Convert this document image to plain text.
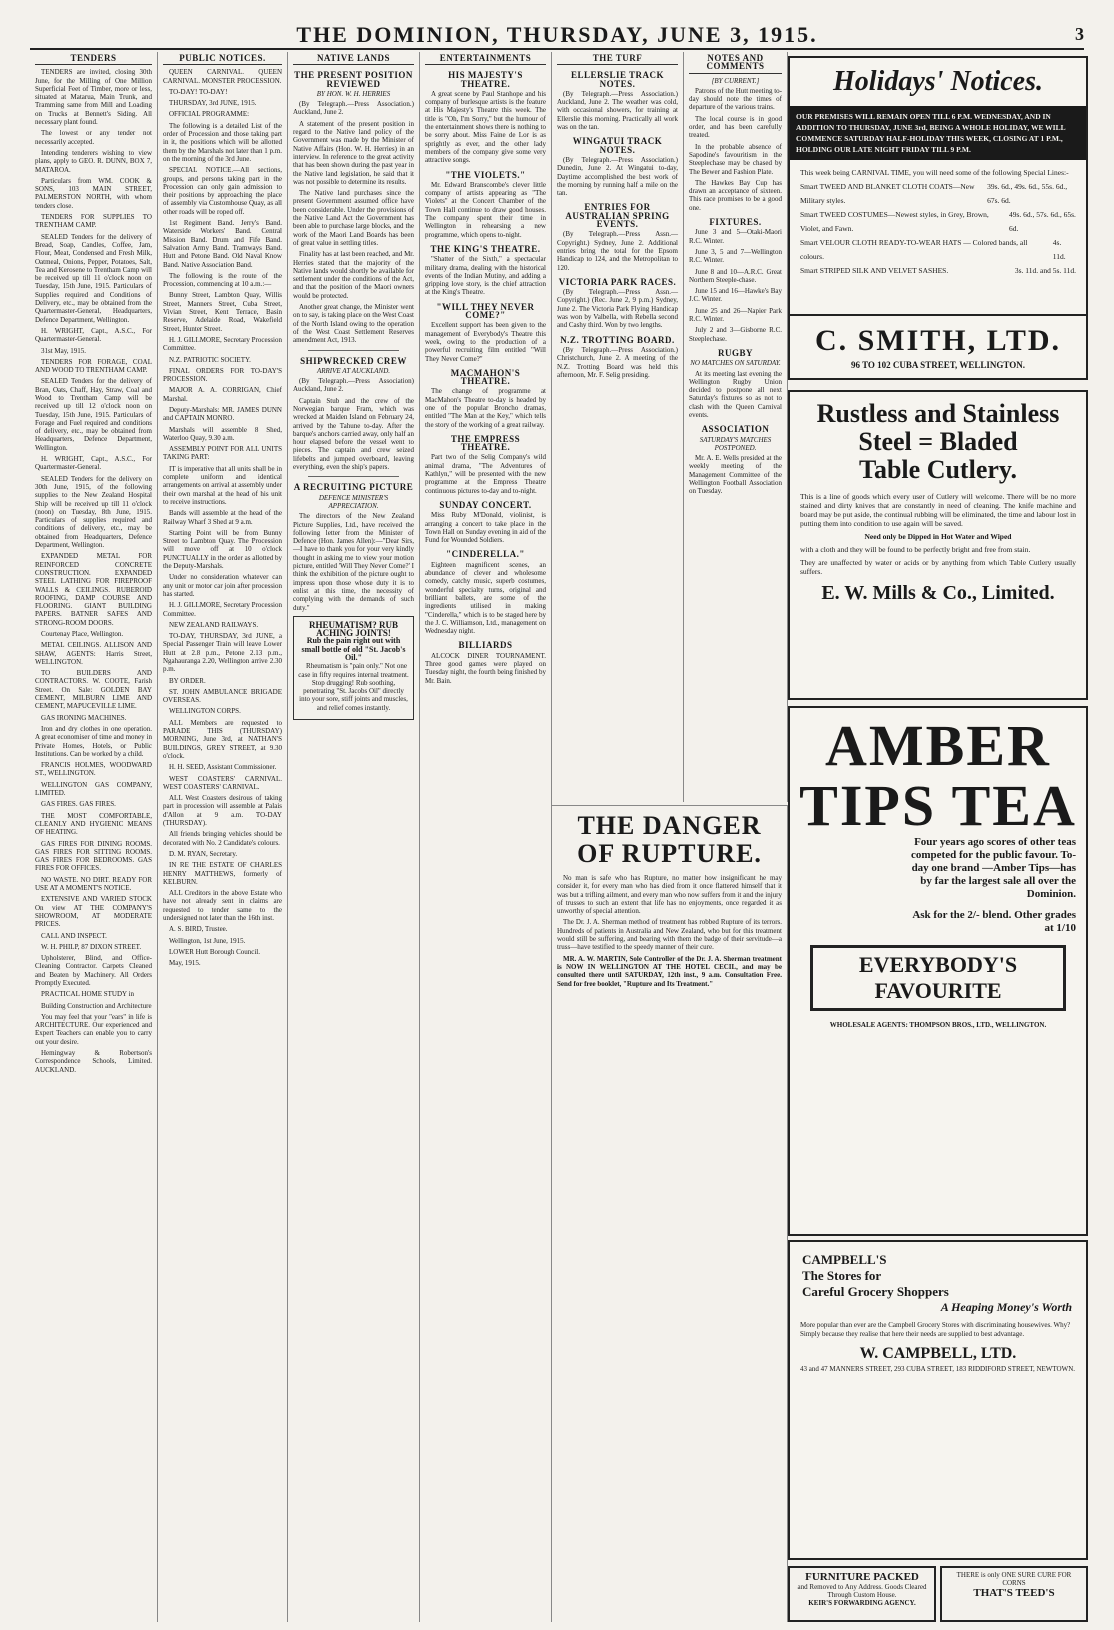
THE DOMINION, THURSDAY, JUNE 3, 1915.	3
TENDERS

TENDERS are invited, closing 30th June, for the Milling of One Million Superficial Feet of Timber, more or less, situated at Matarua, Main Trunk, and Tramming same from Mill and Loading on Trucks at Bennett's Siding. All necessary plant found.

The lowest or any tender not necessarily accepted.

Intending tenderers wishing to view plans, apply to GEO. R. DUNN, BOX 7, MATAROA.

Particulars from WM. COOK & SONS, 103 MAIN STREET, PALMERSTON NORTH, with whom tenders close.

TENDERS FOR SUPPLIES TO TRENTHAM CAMP.

SEALED Tenders for the delivery of Bread, Soap, Candles, Coffee, Jam, Flour, Meat, Condensed and Fresh Milk, Oatmeal, Onions, Pepper, Potatoes, Salt, Tea and Kerosene to Trentham Camp will be received up till 11 o'clock noon on Tuesday, 15th June, 1915. Particulars of Supplies required and Conditions of Delivery, etc., may be obtained from the Quartermaster-General, Headquarters, Defence Department, Wellington.

H. WRIGHT, Capt., A.S.C., For Quartermaster-General.

31st May, 1915.

TENDERS FOR FORAGE, COAL AND WOOD TO TRENTHAM CAMP.

SEALED Tenders for the delivery of Bran, Oats, Chaff, Hay, Straw, Coal and Wood to Trentham Camp will be received up till 12 o'clock noon on Tuesday, 15th June, 1915. Particulars of Forage and Fuel required and conditions of delivery, etc., may be obtained from Headquarters, Defence Department, Wellington.

H. WRIGHT, Capt., A.S.C., For Quartermaster-General.

SEALED Tenders for the delivery on 30th June, 1915, of the following supplies to the New Zealand Hospital Ship will be received up till 11 o'clock (noon) on Tuesday, 8th June, 1915. Particulars of supplies required and conditions of delivery, etc., may be obtained from Headquarters, Defence Department, Wellington.

EXPANDED METAL FOR REINFORCED CONCRETE CONSTRUCTION. EXPANDED STEEL LATHING FOR FIREPROOF WALLS & CEILINGS. RUBEROID ROOFING, DAMP COURSE AND FLOORING. GIANT BUILDING PAPERS. BATNER SAFES AND STRONG-ROOM DOORS.

Courtenay Place, Wellington.

METAL CEILINGS. ALLISON AND SHAW, AGENTS: Harris Street, WELLINGTON.

TO BUILDERS AND CONTRACTORS. W. COOTE, Farish Street. On Sale: GOLDEN BAY CEMENT, MILBURN LIME AND CEMENT, MAPUCEVILLE LIME.

GAS IRONING MACHINES.

Iron and dry clothes in one operation. A great economiser of time and money in Private Homes, Hotels, or Public Institutions. Can be worked by a child.

FRANCIS HOLMES, WOODWARD ST., WELLINGTON.

WELLINGTON GAS COMPANY, LIMITED.

GAS FIRES. GAS FIRES.

THE MOST COMFORTABLE, CLEANLY AND HYGIENIC MEANS OF HEATING.

GAS FIRES FOR DINING ROOMS. GAS FIRES FOR SITTING ROOMS. GAS FIRES FOR BEDROOMS. GAS FIRES FOR OFFICES.

NO WASTE. NO DIRT. READY FOR USE AT A MOMENT'S NOTICE.

EXTENSIVE AND VARIED STOCK On view AT THE COMPANY'S SHOWROOM, AT MODERATE PRICES.

CALL AND INSPECT.

W. H. PHILP, 87 DIXON STREET.

Upholsterer, Blind, and Office-Cleaning Contractor. Carpets Cleaned and Beaten by Machinery. All Orders Promptly Executed.

PRACTICAL HOME STUDY in

Building Construction and Architecture

You may feel that your "ears" in life is ARCHITECTURE. Our experienced and Expert Teachers can enable you to carry out your desire.

Hemingway & Robertson's Correspondence Schools, Limited. AUCKLAND.

PUBLIC NOTICES.

QUEEN CARNIVAL. QUEEN CARNIVAL. MONSTER PROCESSION.

TO-DAY! TO-DAY!

THURSDAY, 3rd JUNE, 1915.

OFFICIAL PROGRAMME:

The following is a detailed List of the order of Procession and those taking part in it, the positions which will be allotted them by the Marshals not later than 1 p.m. on the morning of the 3rd June.

SPECIAL NOTICE.—All sections, groups, and persons taking part in the Procession can only gain admission to their positions by approaching the place of assembly via Customhouse Quay, as all other roads will be roped off.

1st Regiment Band. Jerry's Band. Waterside Workers' Band. Central Mission Band. Drum and Fife Band. Salvation Army Band. Tramways Band. Hutt and Petone Band. Old Naval Know Band. Native Association Band.

The following is the route of the Procession, commencing at 10 a.m.:—

Bunny Street, Lambton Quay, Willis Street, Manners Street, Cuba Street, Vivian Street, Kent Terrace, Basin Reserve, Adelaide Road, Wakefield Street, Hunter Street.

H. J. GILLMORE, Secretary Procession Committee.

N.Z. PATRIOTIC SOCIETY.

FINAL ORDERS FOR TO-DAY'S PROCESSION.

MAJOR A. A. CORRIGAN, Chief Marshal.

Deputy-Marshals: MR. JAMES DUNN and CAPTAIN MONRO.

Marshals will assemble 8 Shed, Waterloo Quay, 9.30 a.m.

ASSEMBLY POINT FOR ALL UNITS TAKING PART:

IT is imperative that all units shall be in complete uniform and identical arrangements on arrival at assembly under their own marshal at the head of his unit to receive instructions.

Bands will assemble at the head of the Railway Wharf 3 Shed at 9 a.m.

Starting Point will be from Bunny Street to Lambton Quay. The Procession will move off at 10 o'clock PUNCTUALLY in the order as allotted by the Deputy-Marshals.

Under no consideration whatever can any unit or motor car join after procession has started.

H. J. GILLMORE, Secretary Procession Committee.

NEW ZEALAND RAILWAYS.

TO-DAY, THURSDAY, 3rd JUNE, a Special Passenger Train will leave Lower Hutt at 2.8 p.m., Petone 2.13 p.m., Ngahauranga 2.20, Wellington arrive 2.30 p.m.

BY ORDER.

ST. JOHN AMBULANCE BRIGADE OVERSEAS.

WELLINGTON CORPS.

ALL Members are requested to PARADE THIS (THURSDAY) MORNING, June 3rd, at NATHAN'S BUILDINGS, GREY STREET, at 9.30 o'clock.

H. H. SEED, Assistant Commissioner.

WEST COASTERS' CARNIVAL. WEST COASTERS' CARNIVAL.

ALL West Coasters desirous of taking part in procession will assemble at Palais d'Allon at 9 a.m. TO-DAY (THURSDAY).

All friends bringing vehicles should be decorated with No. 2 Candidate's colours.

D. M. RYAN, Secretary.

IN RE THE ESTATE OF CHARLES HENRY MATTHEWS, formerly of KELBURN.

ALL Creditors in the above Estate who have not already sent in claims are requested to tender same to the undersigned not later than the 16th inst.

A. S. BIRD, Trustee.

Wellington, 1st June, 1915.

LOWER Hutt Borough Council.

May, 1915.

NATIVE LANDS
THE PRESENT POSITION REVIEWED
BY HON. W. H. HERRIES

(By Telegraph.—Press Association.) Auckland, June 2.

A statement of the present position in regard to the Native land policy of the Government was made by the Minister of Native Affairs (Hon. W. H. Herries) in an interview. In reference to the great activity that has been shown during the past year in the Native land legislation, he said that it was not possible to determine its results.

The Native land purchases since the present Government assumed office have been considerable. Under the provisions of the Native Land Act the Government has been able to purchase large blocks, and the work of the Maori Land Boards has been of great value in settling titles.

Finality has at last been reached, and Mr. Herries stated that the majority of the Native lands would shortly be available for settlement under the conditions of the Act, and that the position of the Maori owners would be protected.

Another great change, the Minister went on to say, is taking place on the West Coast of the North Island owing to the operation of the West Coast Settlement Reserves amendment Act, 1913.

SHIPWRECKED CREW
ARRIVE AT AUCKLAND.

(By Telegraph.—Press Association) Auckland, June 2.

Captain Stub and the crew of the Norwegian barque Fram, which was wrecked at Maiden Island on February 24, arrived by the Tahune to-day. After the barque's anchors carried away, only half an hour elapsed before the vessel went to pieces. The captain and crew seized lifebelts and jumped overboard, leaving everything, even the ship's papers.

A RECRUITING PICTURE
DEFENCE MINISTER'S APPRECIATION.

The directors of the New Zealand Picture Supplies, Ltd., have received the following letter from the Minister of Defence (Hon. James Allen):—"Dear Sirs,—I have to thank you for your very kindly thought in asking me to view your motion picture, entitled 'Will They Never Come?' I think the exhibition of the picture ought to impress upon those whose duty it is to enlist at this time, the necessity of complying with the demands of such duty."

RHEUMATISM? RUB ACHING JOINTS!
Rub the pain right out with small bottle of old "St. Jacob's Oil."

Rheumatism is "pain only." Not one case in fifty requires internal treatment. Stop drugging! Rub soothing, penetrating "St. Jacobs Oil" directly into your sore, stiff joints and muscles, and relief comes instantly.

ENTERTAINMENTS
HIS MAJESTY'S THEATRE.

A great scene by Paul Stanhope and his company of burlesque artists is the feature at His Majesty's Theatre this week. The title is "Oh, I'm Sorry," but the humour of the entertainment shows there is nothing to be sorry about. Miss Faine de Lor is as sprightly as ever, and the other lady members of the company give some very attractive songs.

"THE VIOLETS."

Mr. Edward Branscombe's clever little company of artists appearing as "The Violets" at the Concert Chamber of the Town Hall continue to draw good houses. The company spent their time in Wellington in rehearsing a new programme, which opens to-night.

THE KING'S THEATRE.

"Shatter of the Sixth," a spectacular military drama, dealing with the historical events of the Indian Mutiny, and adding a gripping love story, is the chief attraction at the King's Theatre.

"WILL THEY NEVER COME?"

Excellent support has been given to the management of Everybody's Theatre this week, owing to the production of a powerful recruiting film entitled "Will They Never Come?"

MACMAHON'S THEATRE.

The change of programme at MacMahon's Theatre to-day is headed by one of the popular Broncho dramas, entitled "The Man at the Key," which tells the story of the working of a great railway.

THE EMPRESS THEATRE.

Part two of the Selig Company's wild animal drama, "The Adventures of Kathlyn," will be presented with the new programme at the Empress Theatre continuous pictures to-day and to-night.

SUNDAY CONCERT.

Miss Ruby M'Donald, violinist, is arranging a concert to take place in the Town Hall on Sunday evening in aid of the Fund for Wounded Soldiers.

"CINDERELLA."

Eighteen magnificent scenes, an abundance of clever and wholesome comedy, catchy music, superb costumes, wonderful specialty turns, original and brilliant ballets, are some of the ingredients utilised in making "Cinderella," which is to be staged here by the J. C. Williamson, Ltd., management on Wednesday night.

BILLIARDS

ALCOCK DINER TOURNAMENT. Three good games were played on Tuesday night, the fourth being finished by Mr. Bain.

THE TURF
ELLERSLIE TRACK NOTES.

(By Telegraph.—Press Association.) Auckland, June 2. The weather was cold, with occasional showers, for training at Ellerslie this morning. Practically all work was on the tan.

WINGATUI TRACK NOTES.

(By Telegraph.—Press Association.) Dunedin, June 2. At Wingatui to-day, Daytime accomplished the best work of the morning by running half a mile on the tan.

ENTRIES FOR AUSTRALIAN SPRING EVENTS.

(By Telegraph.—Press Assn.—Copyright.) Sydney, June 2. Additional entries bring the total for the Epsom Handicap to 124, and the Metropolitan to 120.

VICTORIA PARK RACES.

(By Telegraph.—Press Assn.—Copyright.) (Rec. June 2, 9 p.m.) Sydney, June 2. The Victoria Park Flying Handicap was won by Valbella, with Rebella second and Cashy third. Won by two lengths.

N.Z. TROTTING BOARD.

(By Telegraph.—Press Association.) Christchurch, June 2. A meeting of the N.Z. Trotting Board was held this afternoon, Mr. F. Selig presiding.

NOTES AND COMMENTS
[BY CURRENT.]

Patrons of the Hutt meeting to-day should note the times of departure of the various trains.

The local course is in good order, and has been carefully treated.

In the probable absence of Sapodine's favouritism in the Steeplechase may be chased by The Bewer and Fashion Plate.

The Hawkes Bay Cup has drawn an acceptance of sixteen. This race promises to be a good one.

FIXTURES.

June 3 and 5—Otaki-Maori R.C. Winter.

June 3, 5 and 7—Wellington R.C. Winter.

June 8 and 10—A.R.C. Great Northern Steeple-chase.

June 15 and 16—Hawke's Bay J.C. Winter.

June 25 and 26—Napier Park R.C. Winter.

July 2 and 3—Gisborne R.C. Steeplechase.

RUGBY
NO MATCHES ON SATURDAY.

At its meeting last evening the Wellington Rugby Union decided to postpone all next Saturday's fixtures so as not to clash with the Queen Carnival events.

ASSOCIATION
SATURDAY'S MATCHES POSTPONED.

Mr. A. E. Wells presided at the weekly meeting of the Management Committee of the Wellington Football Association on Tuesday.

THE DANGER OF RUPTURE.

No man is safe who has Rupture, no matter how insignificant he may consider it, for every man who has died from it once flattered himself that it was but a trifling ailment, and every man who now suffers from it and the injury of trusses to such an extent that life has no enjoyments, once regarded it as unworthy of special attention.

The Dr. J. A. Sherman method of treatment has robbed Rupture of its terrors. Hundreds of patients in Australia and New Zealand, who but for this treatment would still be suffering, and bearing with them the badge of their servitude—a truss—have testified to the speedy manner of their cure.

MR. A. W. MARTIN, Sole Controller of the Dr. J. A. Sherman treatment is NOW IN WELLINGTON AT THE HOTEL CECIL, and may be consulted there until SATURDAY, 12th inst., 9 a.m. Consultation Free. Send for free booklet, "Rupture and Its Treatment."

Holidays' Notices.
OUR PREMISES WILL REMAIN OPEN TILL 6 P.M. WEDNESDAY, AND IN ADDITION TO THURSDAY, JUNE 3rd, BEING A WHOLE HOLIDAY, WE WILL COMMENCE SATURDAY HALF-HOLIDAY THIS WEEK, CLOSING AT 1 P.M., HOLDING OUR LATE NIGHT FRIDAY TILL 9 P.M.
This week being CARNIVAL TIME, you will need some of the following Special Lines:-
Smart TWEED AND BLANKET CLOTH COATS—New Military styles.
39s. 6d., 49s. 6d., 55s. 6d., 67s. 6d.
Smart TWEED COSTUMES—Newest styles, in Grey, Brown, Violet, and Fawn.
49s. 6d., 57s. 6d., 65s. 6d.
Smart VELOUR CLOTH READY-TO-WEAR HATS — Colored bands, all colours.
4s. 11d.
Smart STRIPED SILK AND VELVET SASHES.	3s. 11d. and 5s. 11d.
C. SMITH, LTD.
96 TO 102 CUBA STREET, WELLINGTON.
Rustless and Stainless
Steel = Bladed
Table Cutlery.
This is a line of goods which every user of Cutlery will welcome. There will be no more stained and dirty knives that are constantly in need of cleaning. The knife machine and board may be put aside, the continual rubbing will be eliminated, the time and labour lost in putting them into condition to use again will be saved.
Need only be Dipped in Hot Water and Wiped
with a cloth and they will be found to be perfectly bright and free from stain.
They are unaffected by water or acids or by anything from which Table Cutlery usually suffers.
E. W. Mills & Co., Limited.
AMBER TIPS TEA
Four years ago scores of other teas competed for the public favour. To-day one brand —Amber Tips—has by far the largest sale all over the Dominion.
Ask for the 2/- blend. Other grades at 1/10
EVERYBODY'S FAVOURITE
WHOLESALE AGENTS: THOMPSON BROS., LTD., WELLINGTON.
CAMPBELL'S
The Stores for
Careful Grocery Shoppers
A Heaping Money's Worth
More popular than ever are the Campbell Grocery Stores with discriminating housewives. Why? Simply because they realise that here their needs are supplied to best advantage.
W. CAMPBELL, LTD.
43 and 47 MANNERS STREET, 293 CUBA STREET, 183 RIDDIFORD STREET, NEWTOWN.
FURNITURE PACKED
and Removed to Any Address. Goods Cleared Through Custom House.
KEIR'S FORWARDING AGENCY.
THERE is only ONE SURE CURE FOR CORNS
THAT'S TEED'S
